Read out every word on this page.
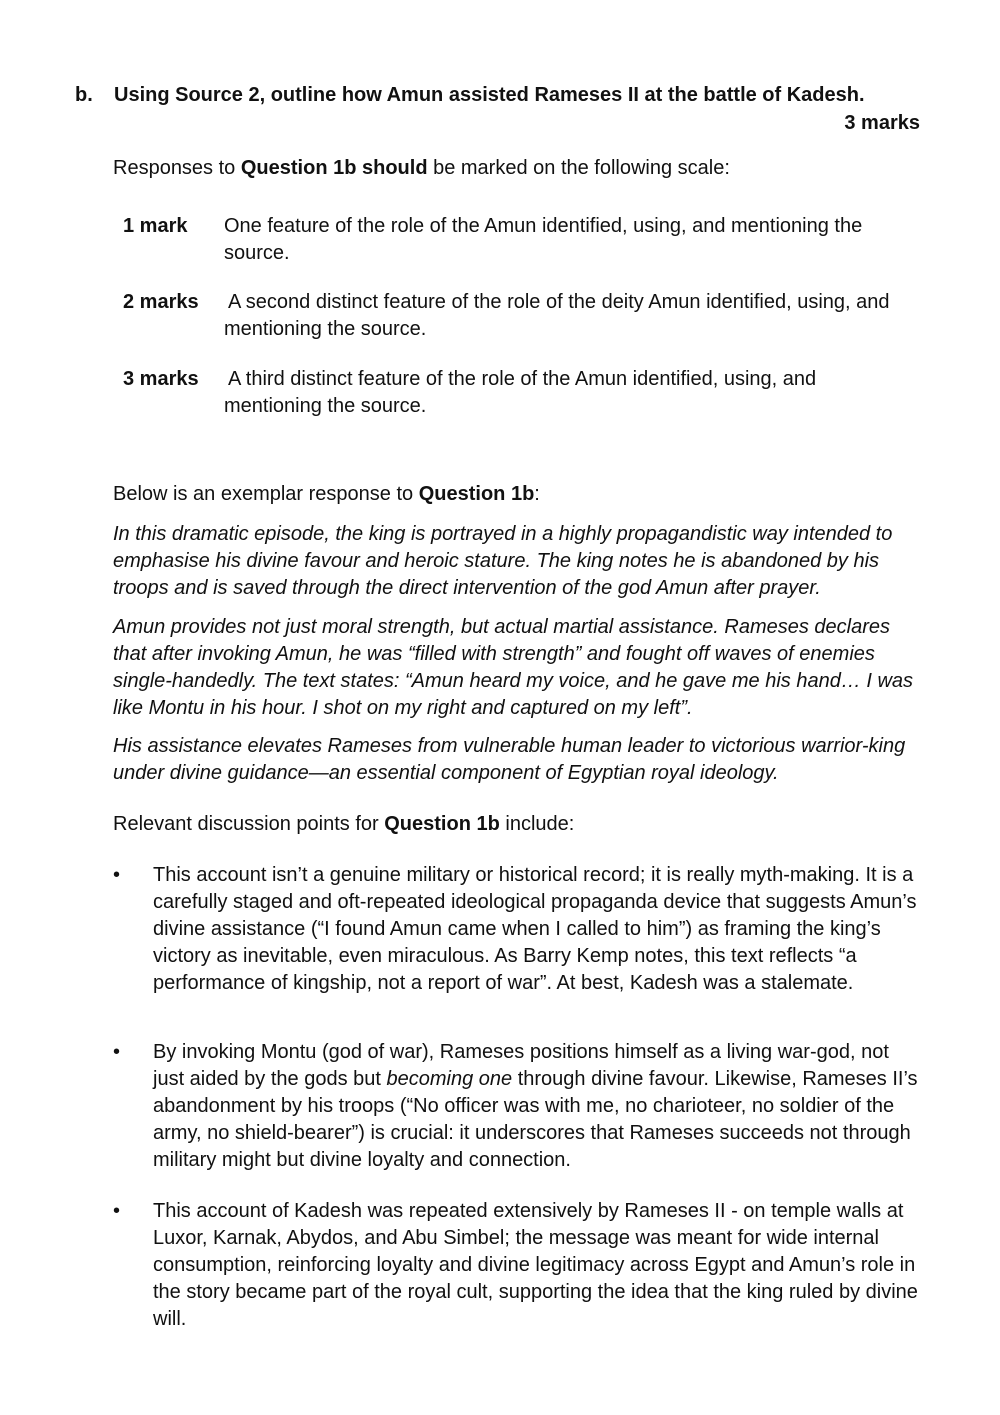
b. Using Source 2, outline how Amun assisted Rameses II at the battle of Kadesh.
3 marks

Responses to Question 1b should be marked on the following scale:

1 mark One feature of the role of the Amun identified, using, and mentioning the source.
2 marks A second distinct feature of the role of the deity Amun identified, using, and mentioning the source.
3 marks A third distinct feature of the role of the Amun identified, using, and mentioning the source.

Below is an exemplar response to Question 1b:

In this dramatic episode, the king is portrayed in a highly propagandistic way intended to emphasise his divine favour and heroic stature. The king notes he is abandoned by his troops and is saved through the direct intervention of the god Amun after prayer.

Amun provides not just moral strength, but actual martial assistance. Rameses declares that after invoking Amun, he was “filled with strength” and fought off waves of enemies single-handedly. The text states: “Amun heard my voice, and he gave me his hand… I was like Montu in his hour. I shot on my right and captured on my left”.

His assistance elevates Rameses from vulnerable human leader to victorious warrior-king under divine guidance—an essential component of Egyptian royal ideology.

Relevant discussion points for Question 1b include:

• This account isn’t a genuine military or historical record; it is really myth-making. It is a carefully staged and oft-repeated ideological propaganda device that suggests Amun’s divine assistance (“I found Amun came when I called to him”) as framing the king’s victory as inevitable, even miraculous. As Barry Kemp notes, this text reflects “a performance of kingship, not a report of war”. At best, Kadesh was a stalemate.
• By invoking Montu (god of war), Rameses positions himself as a living war-god, not just aided by the gods but becoming one through divine favour. Likewise, Rameses II’s abandonment by his troops (“No officer was with me, no charioteer, no soldier of the army, no shield-bearer”) is crucial: it underscores that Rameses succeeds not through military might but divine loyalty and connection.
• This account of Kadesh was repeated extensively by Rameses II - on temple walls at Luxor, Karnak, Abydos, and Abu Simbel; the message was meant for wide internal consumption, reinforcing loyalty and divine legitimacy across Egypt and Amun’s role in the story became part of the royal cult, supporting the idea that the king ruled by divine will.
